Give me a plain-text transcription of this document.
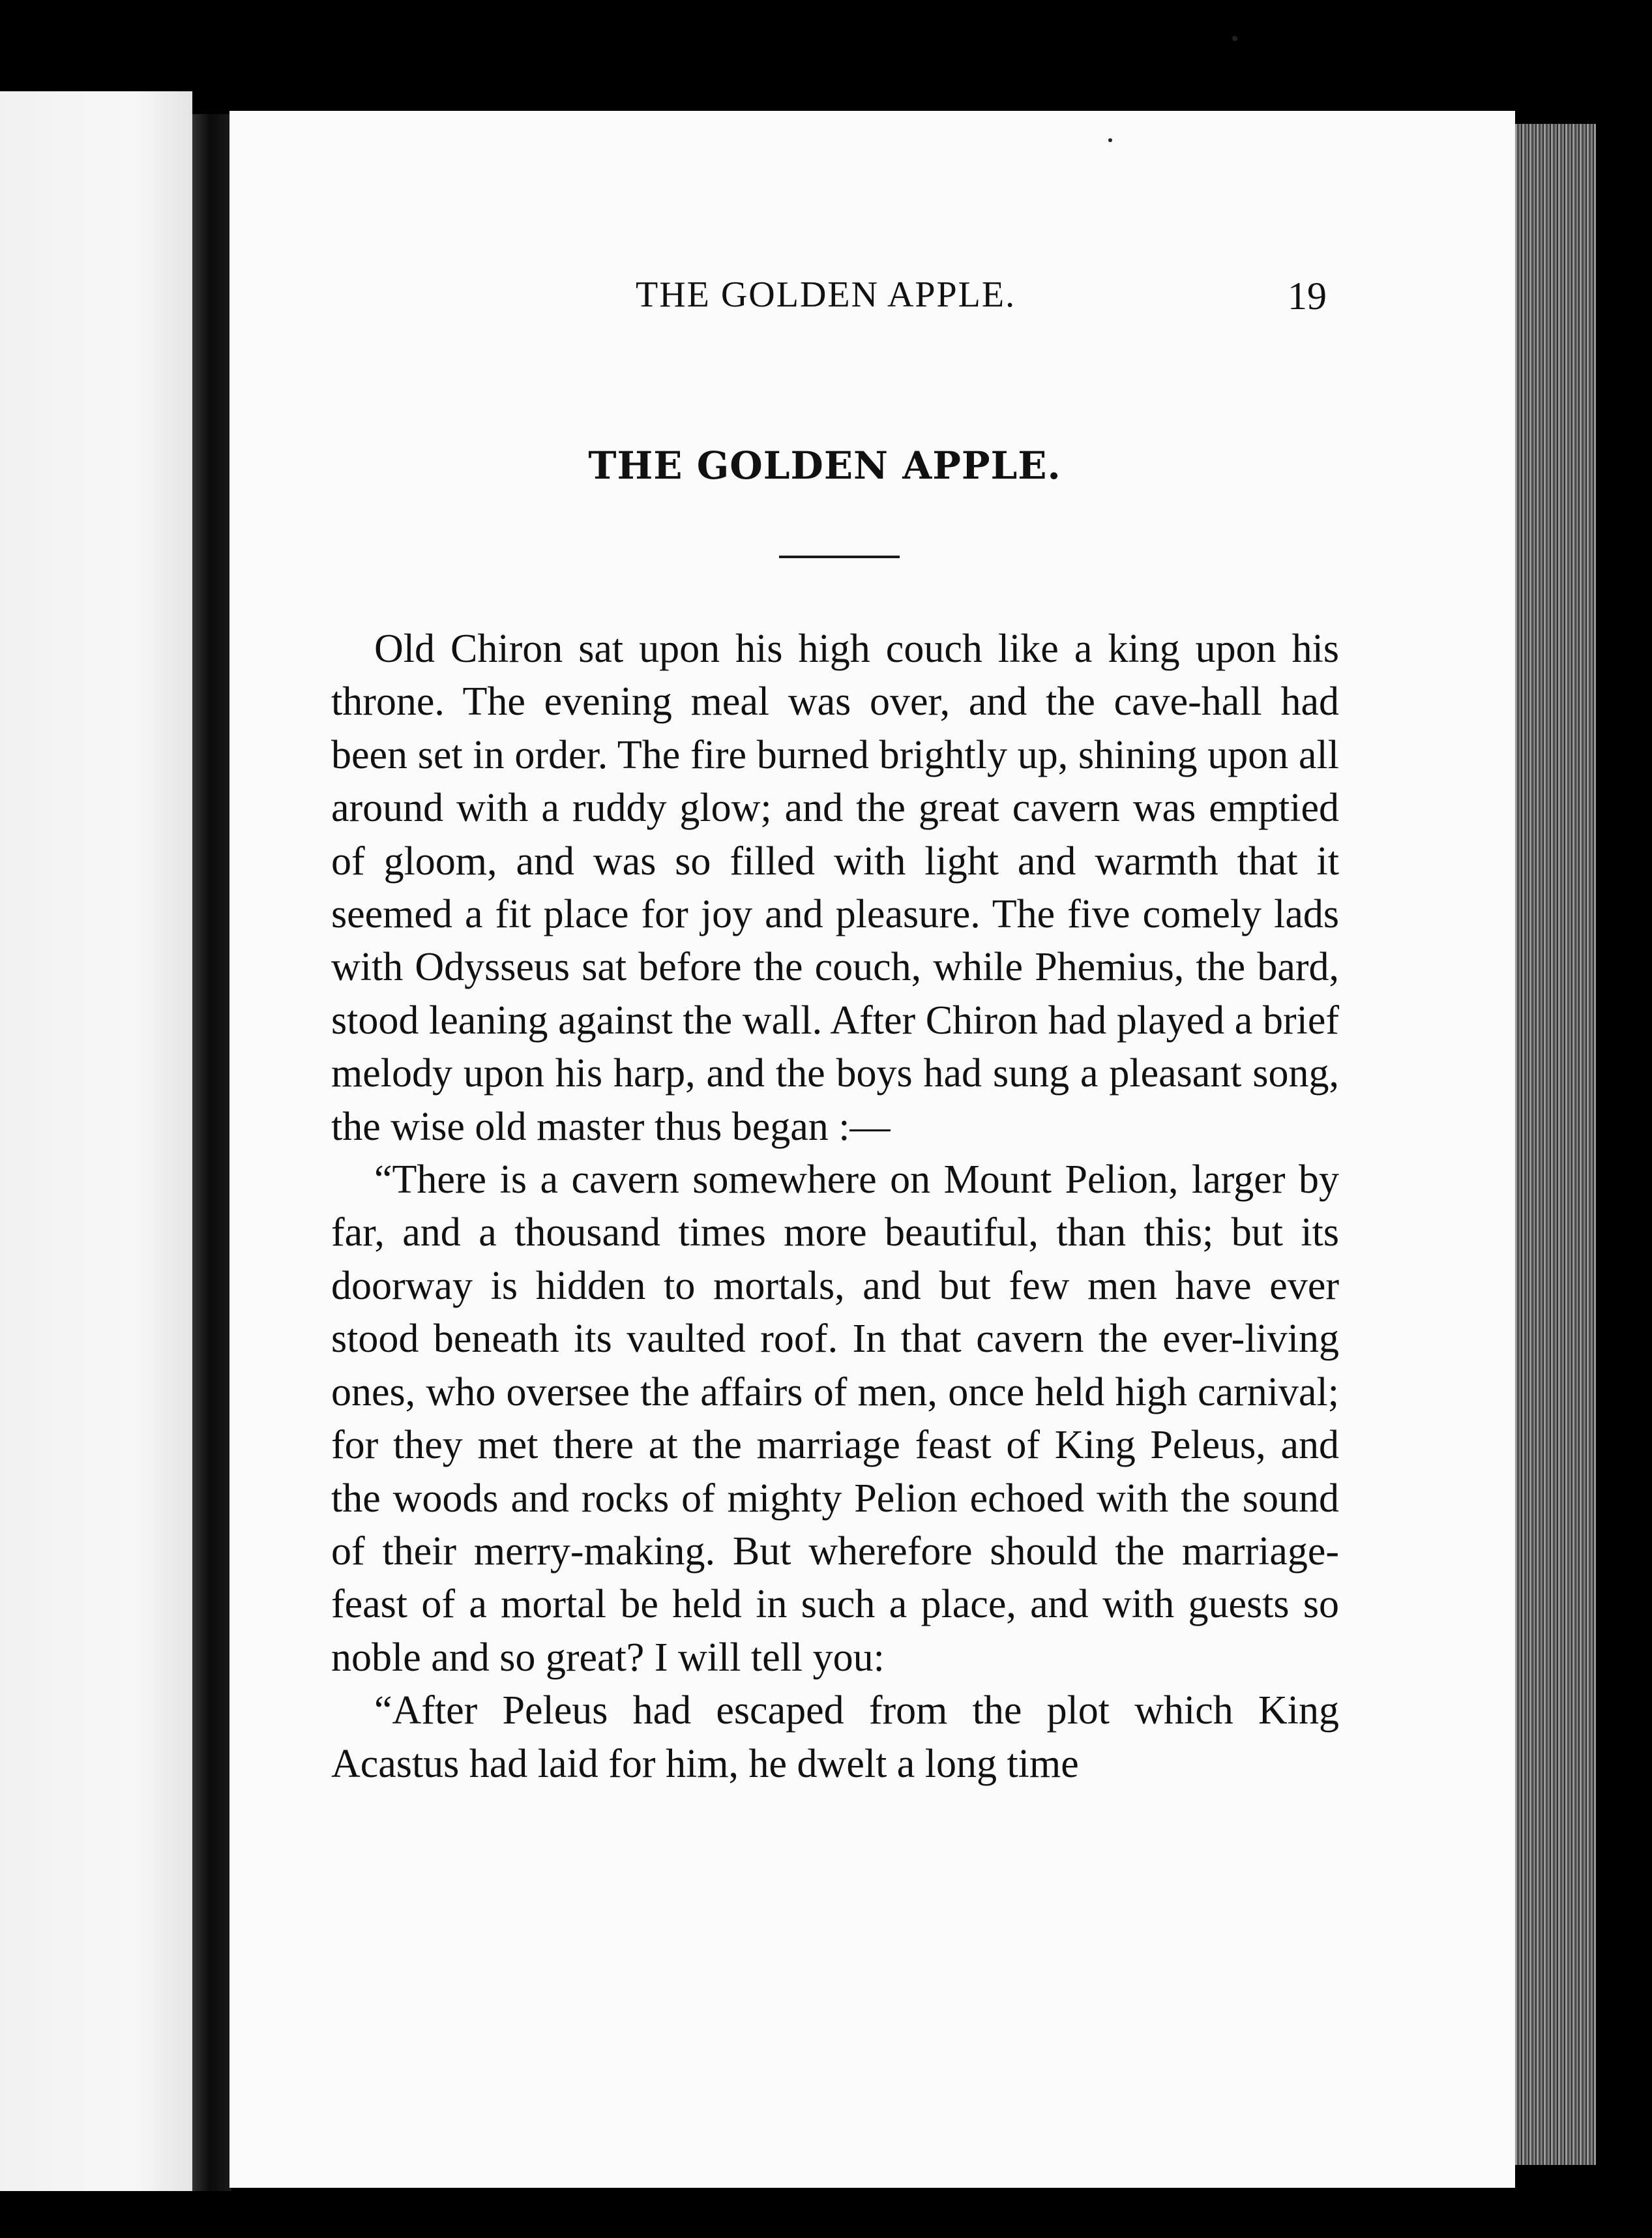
THE GOLDEN APPLE.	19
THE GOLDEN APPLE.

Old Chiron sat upon his high couch like a king upon his throne. The evening meal was over, and the cave-hall had been set in order. The fire burned brightly up, shining upon all around with a ruddy glow; and the great cavern was emptied of gloom, and was so filled with light and warmth that it seemed a fit place for joy and pleasure. The five comely lads with Odysseus sat before the couch, while Phemius, the bard, stood leaning against the wall. After Chiron had played a brief melody upon his harp, and the boys had sung a pleasant song, the wise old master thus began :—

“There is a cavern somewhere on Mount Pelion, larger by far, and a thousand times more beautiful, than this; but its doorway is hidden to mortals, and but few men have ever stood beneath its vaulted roof. In that cavern the ever-living ones, who oversee the affairs of men, once held high carnival; for they met there at the marriage feast of King Peleus, and the woods and rocks of mighty Pelion echoed with the sound of their merry-making. But wherefore should the marriage-feast of a mortal be held in such a place, and with guests so noble and so great? I will tell you:

“After Peleus had escaped from the plot which King Acastus had laid for him, he dwelt a long time
